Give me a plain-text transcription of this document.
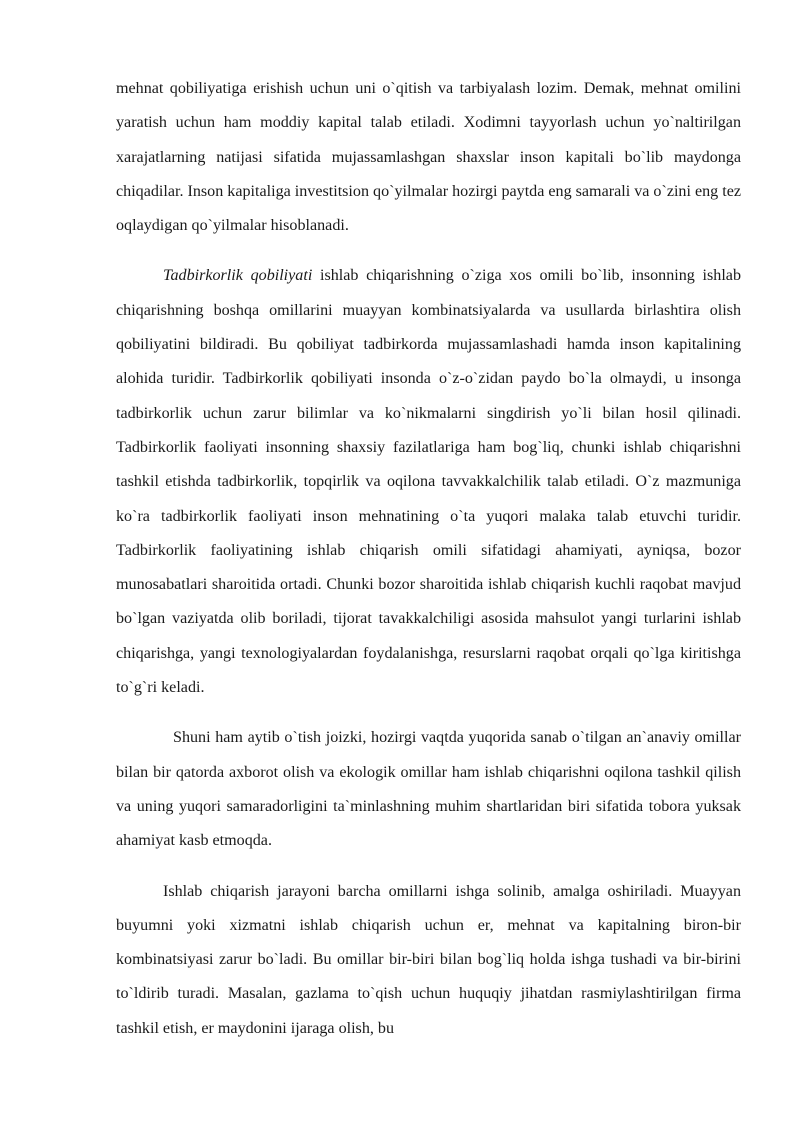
mehnat qobiliyatiga erishish uchun uni o`qitish va tarbiyalash lozim. Demak, mehnat omilini yaratish uchun ham moddiy kapital talab etiladi. Xodimni tayyorlash uchun yo`naltirilgan xarajatlarning natijasi sifatida mujassamlashgan shaxslar inson kapitali bo`lib maydonga chiqadilar. Inson kapitaliga investitsion qo`yilmalar hozirgi paytda eng samarali va o`zini eng tez oqlaydigan qo`yilmalar hisoblanadi.

Tadbirkorlik qobiliyati ishlab chiqarishning o`ziga xos omili bo`lib, insonning ishlab chiqarishning boshqa omillarini muayyan kombinatsiyalarda va usullarda birlashtira olish qobiliyatini bildiradi. Bu qobiliyat tadbirkorda mujassamlashadi hamda inson kapitalining alohida turidir. Tadbirkorlik qobiliyati insonda o`z-o`zidan paydo bo`la olmaydi, u insonga tadbirkorlik uchun zarur bilimlar va ko`nikmalarni singdirish yo`li bilan hosil qilinadi. Tadbirkorlik faoliyati insonning shaxsiy fazilatlariga ham bog`liq, chunki ishlab chiqarishni tashkil etishda tadbirkorlik, topqirlik va oqilona tavvakkalchilik talab etiladi. O`z mazmuniga ko`ra tadbirkorlik faoliyati inson mehnatining o`ta yuqori malaka talab etuvchi turidir. Tadbirkorlik faoliyatining ishlab chiqarish omili sifatidagi ahamiyati, ayniqsa, bozor munosabatlari sharoitida ortadi. Chunki bozor sharoitida ishlab chiqarish kuchli raqobat mavjud bo`lgan vaziyatda olib boriladi, tijorat tavakkalchiligi asosida mahsulot yangi turlarini ishlab chiqarishga, yangi texnologiyalardan foydalanishga, resurslarni raqobat orqali qo`lga kiritishga to`g`ri keladi.

Shuni ham aytib o`tish joizki, hozirgi vaqtda yuqorida sanab o`tilgan an`anaviy omillar bilan bir qatorda axborot olish va ekologik omillar ham ishlab chiqarishni oqilona tashkil qilish va uning yuqori samaradorligini ta`minlashning muhim shartlaridan biri sifatida tobora yuksak ahamiyat kasb etmoqda.

Ishlab chiqarish jarayoni barcha omillarni ishga solinib, amalga oshiriladi. Muayyan buyumni yoki xizmatni ishlab chiqarish uchun er, mehnat va kapitalning biron-bir kombinatsiyasi zarur bo`ladi. Bu omillar bir-biri bilan bog`liq holda ishga tushadi va bir-birini to`ldirib turadi. Masalan, gazlama to`qish uchun huquqiy jihatdan rasmiylashtirilgan firma tashkil etish, er maydonini ijaraga olish, bu
